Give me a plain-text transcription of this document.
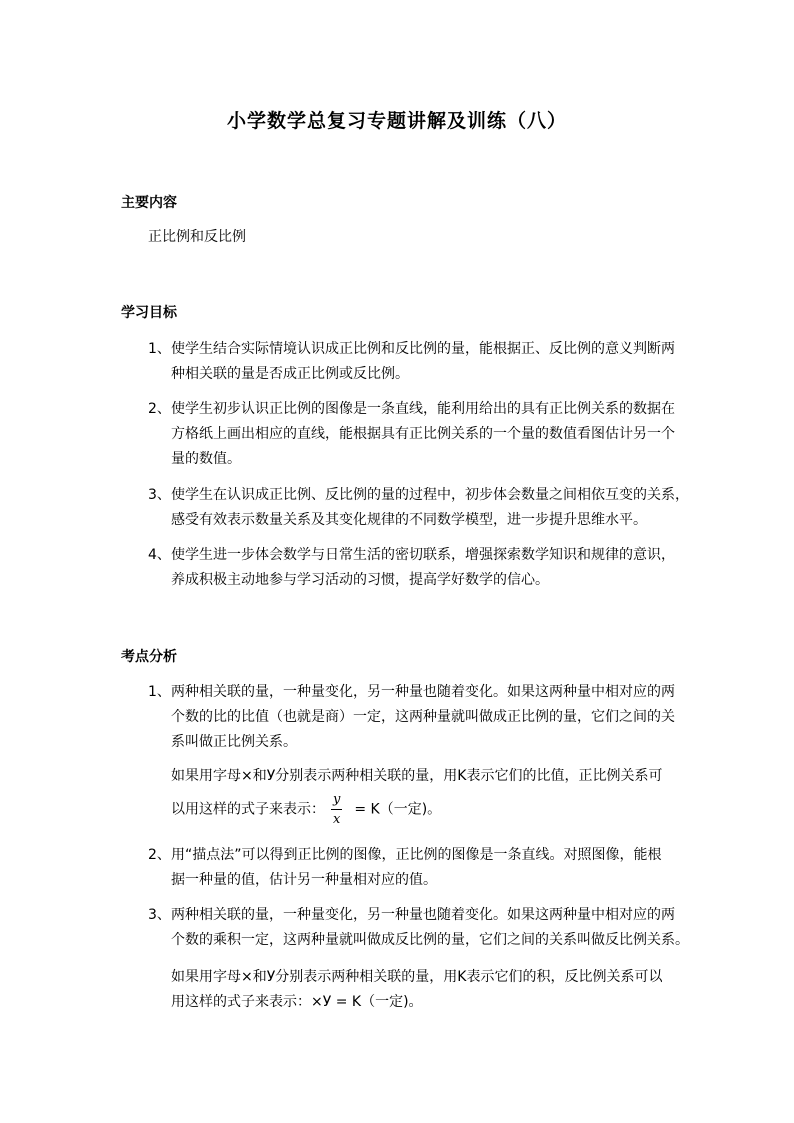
小学数学总复习专题讲解及训练（八）
主要内容
正比例和反比例
学习目标
1、 使学生结合实际情境认识成正比例和反比例的量，能根据正、反比例的意义判断两
种相关联的量是否成正比例或反比例。
2、 使学生初步认识正比例的图像是一条直线，能利用给出的具有正比例关系的数据在
方格纸上画出相应的直线，能根据具有正比例关系的一个量的数值看图估计另一个
量的数值。
3、 使学生在认识成正比例、反比例的量的过程中，初步体会数量之间相依互变的关系，
感受有效表示数量关系及其变化规律的不同数学模型，进一步提升思维水平。
4、 使学生进一步体会数学与日常生活的密切联系，增强探索数学知识和规律的意识，
养成积极主动地参与学习活动的习惯，提高学好数学的信心。
考点分析
1、 两种相关联的量，一种量变化，另一种量也随着变化。如果这两种量中相对应的两
个数的比的比值（也就是商）一定，这两种量就叫做成正比例的量，它们之间的关
系叫做正比例关系。
如果用字母×和У分别表示两种相关联的量，用K表示它们的比值，正比例关系可
以用这样的式子来表示： $\frac{y}{x} = K$（一定)。
2、 用“描点法”可以得到正比例的图像，正比例的图像是一条直线。对照图像，能根
据一种量的值，估计另一种量相对应的值。
3、 两种相关联的量，一种量变化，另一种量也随着变化。如果这两种量中相对应的两
个数的乘积一定，这两种量就叫做成反比例的量，它们之间的关系叫做反比例关系。
如果用字母×和У分别表示两种相关联的量，用K表示它们的积，反比例关系可以
用这样的式子来表示：×У = K（一定)。
